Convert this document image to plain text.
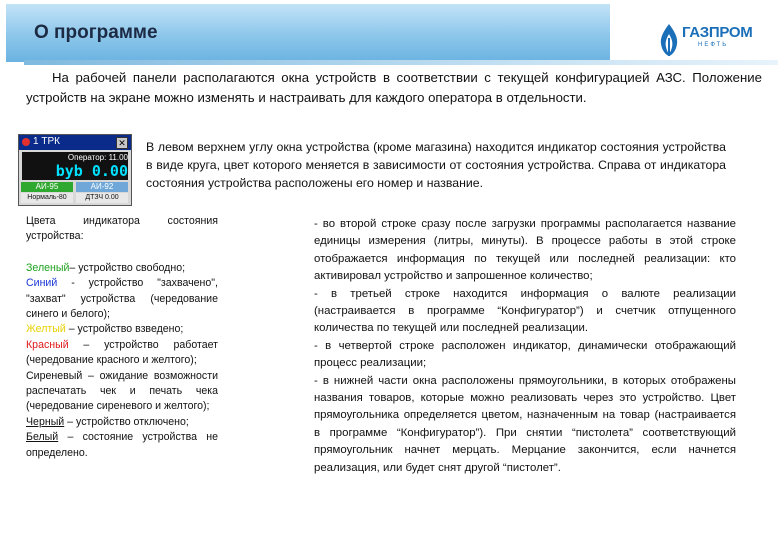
О программе	ГАЗПРОМ
НЕФТЬ
На рабочей панели располагаются окна устройств в соответствии с текущей конфигурацией АЗС. Положение устройств на экране можно изменять и настраивать для каждого оператора в отдельности.
1 ТРК	✕
Оператор: 11.00
byb 0.00
АИ-95	АИ-92
Нормаль-80	ДТЗЧ 0.00
В левом верхнем углу окна устройства (кроме магазина) находится индикатор состояния устройства в виде круга, цвет которого меняется в зависимости от состояния устройства. Справа от индикатора состояния устройства расположены его номер и название.

Цвета индикатора состояния устройства:

Зеленый– устройство свободно;

Синий - устройство "захвачено", "захват" устройства (чередование синего и белого);

Желтый – устройство взведено;

Красный – устройство работает (чередование красного и желтого);

Сиреневый – ожидание возможности распечатать чек и печать чека (чередование сиреневого и желтого);

Черный – устройство отключено;

Белый – состояние устройства не определено.

- во второй строке сразу после загрузки программы располагается название единицы измерения (литры, минуты). В процессе работы в этой строке отображается информация по текущей или последней реализации: кто активировал устройство и запрошенное количество;

- в третьей строке находится информация о валюте реализации (настраивается в программе “Конфигуратор”) и счетчик отпущенного количества по текущей или последней реализации.

- в четвертой строке расположен индикатор, динамически отображающий процесс реализации;

- в нижней части окна расположены прямоугольники, в которых отображены названия товаров, которые можно реализовать через это устройство. Цвет прямоугольника определяется цветом, назначенным на товар (настраивается в программе “Конфигуратор”). При снятии “пистолета” соответствующий прямоугольник начнет мерцать. Мерцание закончится, если начнется реализация, или будет снят другой “пистолет”.
